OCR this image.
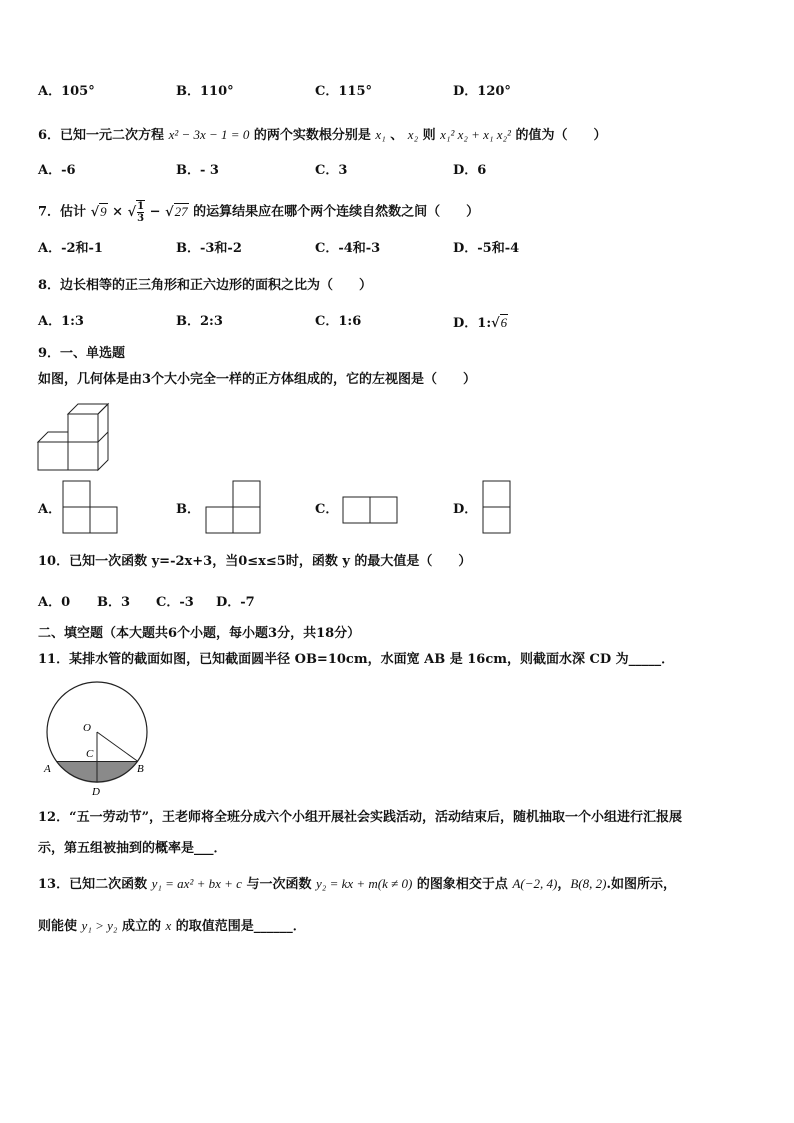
A．105°	B．110°	C．115°	D．120°
6．已知一元二次方程 x² − 3x − 1 = 0 的两个实数根分别是 x₁ 、 x₂ 则 x₁² x₂ + x₁ x₂² 的值为（　　）
A．-6	B．- 3	C．3	D．6
7．估计 √9 × √ $\frac{1}{3} - √27$ 的运算结果应在哪个两个连续自然数之间（　　）
A．-2和-1	B．-3和-2	C．-4和-3	D．-5和-4
8．边长相等的正三角形和正六边形的面积之比为（　　）
A．1:3	B．2:3	C．1:6	D．1:√6
9．一、单选题
如图，几何体是由3个大小完全一样的正方体组成的，它的左视图是（　　）
A．	B．	C．	D．
10．已知一次函数 y=-2x+3，当0≤x≤5时，函数 y 的最大值是（　　）
A．0 B．3 C．-3 D．-7
二、填空题（本大题共6个小题，每小题3分，共18分）
11．某排水管的截面如图，已知截面圆半径 OB=10cm，水面宽 AB 是 16cm，则截面水深 CD 为_____．
O
C
A	B
D
12．“五一劳动节”，王老师将全班分成六个小组开展社会实践活动，活动结束后，随机抽取一个小组进行汇报展
示，第五组被抽到的概率是___．
13．已知二次函数 y₁ = ax² + bx + c 与一次函数 y₂ = kx + m(k ≠ 0) 的图象相交于点 A(−2, 4)，B(8, 2).如图所示，
则能使 y₁ > y₂ 成立的 x 的取值范围是______．
